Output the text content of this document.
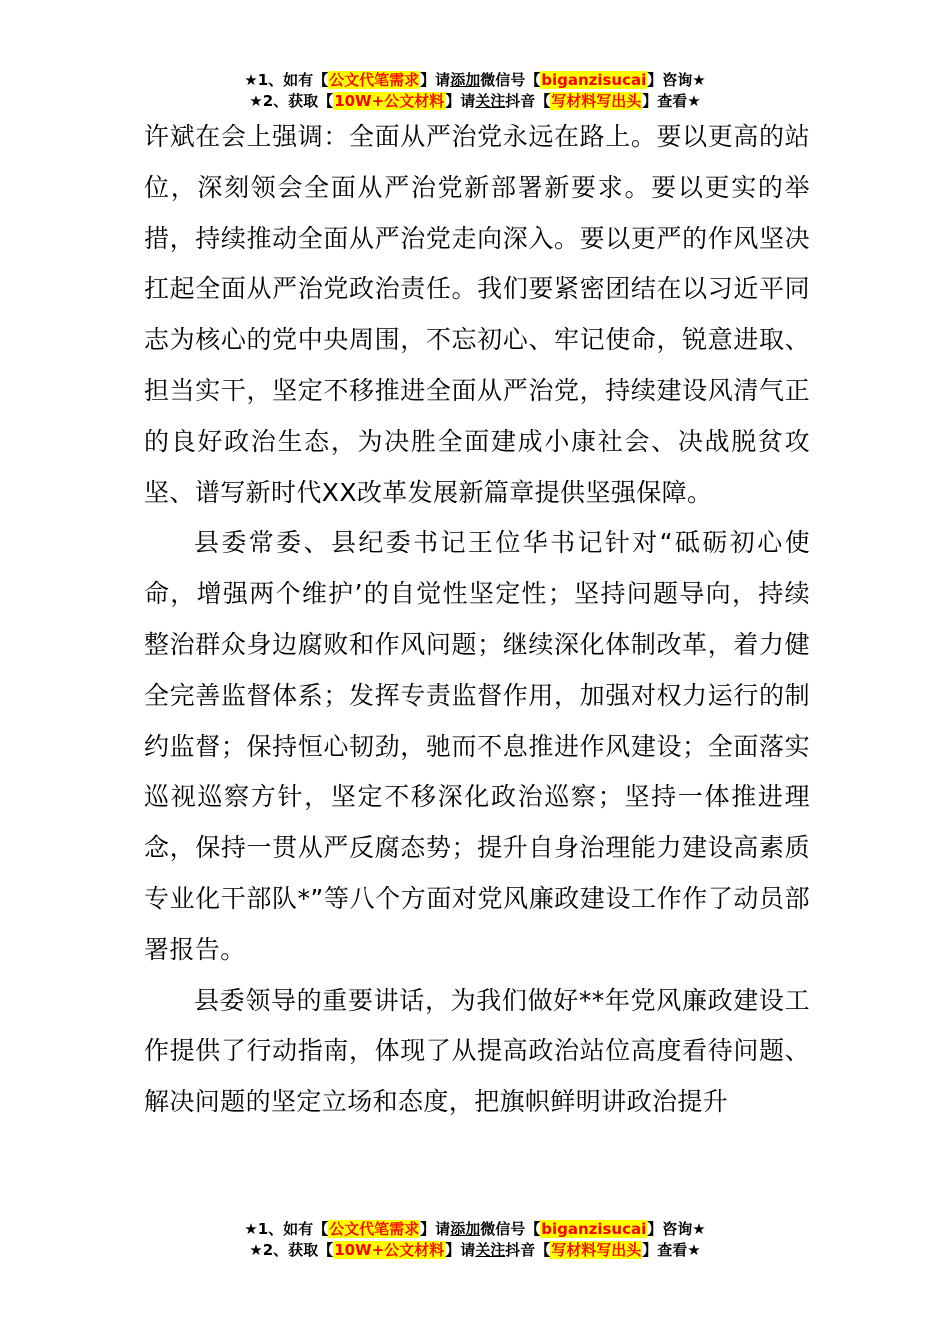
★1、如有【公文代笔需求】请添加微信号【biganzisucai】咨询★
★2、获取【10W+公文材料】请关注抖音【写材料写出头】查看★

许斌在会上强调：全面从严治党永远在路上。要以更高的站位，深刻领会全面从严治党新部署新要求。要以更实的举措，持续推动全面从严治党走向深入。要以更严的作风坚决扛起全面从严治党政治责任。我们要紧密团结在以习近平同志为核心的党中央周围，不忘初心、牢记使命，锐意进取、担当实干，坚定不移推进全面从严治党，持续建设风清气正的良好政治生态，为决胜全面建成小康社会、决战脱贫攻坚、谱写新时代XX改革发展新篇章提供坚强保障。

县委常委、县纪委书记王位华书记针对“砥砺初心使命，增强两个维护’的自觉性坚定性；坚持问题导向，持续整治群众身边腐败和作风问题；继续深化体制改革，着力健全完善监督体系；发挥专责监督作用，加强对权力运行的制约监督；保持恒心韧劲，驰而不息推进作风建设；全面落实巡视巡察方针，坚定不移深化政治巡察；坚持一体推进理念，保持一贯从严反腐态势；提升自身治理能力建设高素质专业化干部队*”等八个方面对党风廉政建设工作作了动员部署报告。

县委领导的重要讲话，为我们做好**年党风廉政建设工作提供了行动指南，体现了从提高政治站位高度看待问题、解决问题的坚定立场和态度，把旗帜鲜明讲政治提升

★1、如有【公文代笔需求】请添加微信号【biganzisucai】咨询★
★2、获取【10W+公文材料】请关注抖音【写材料写出头】查看★
